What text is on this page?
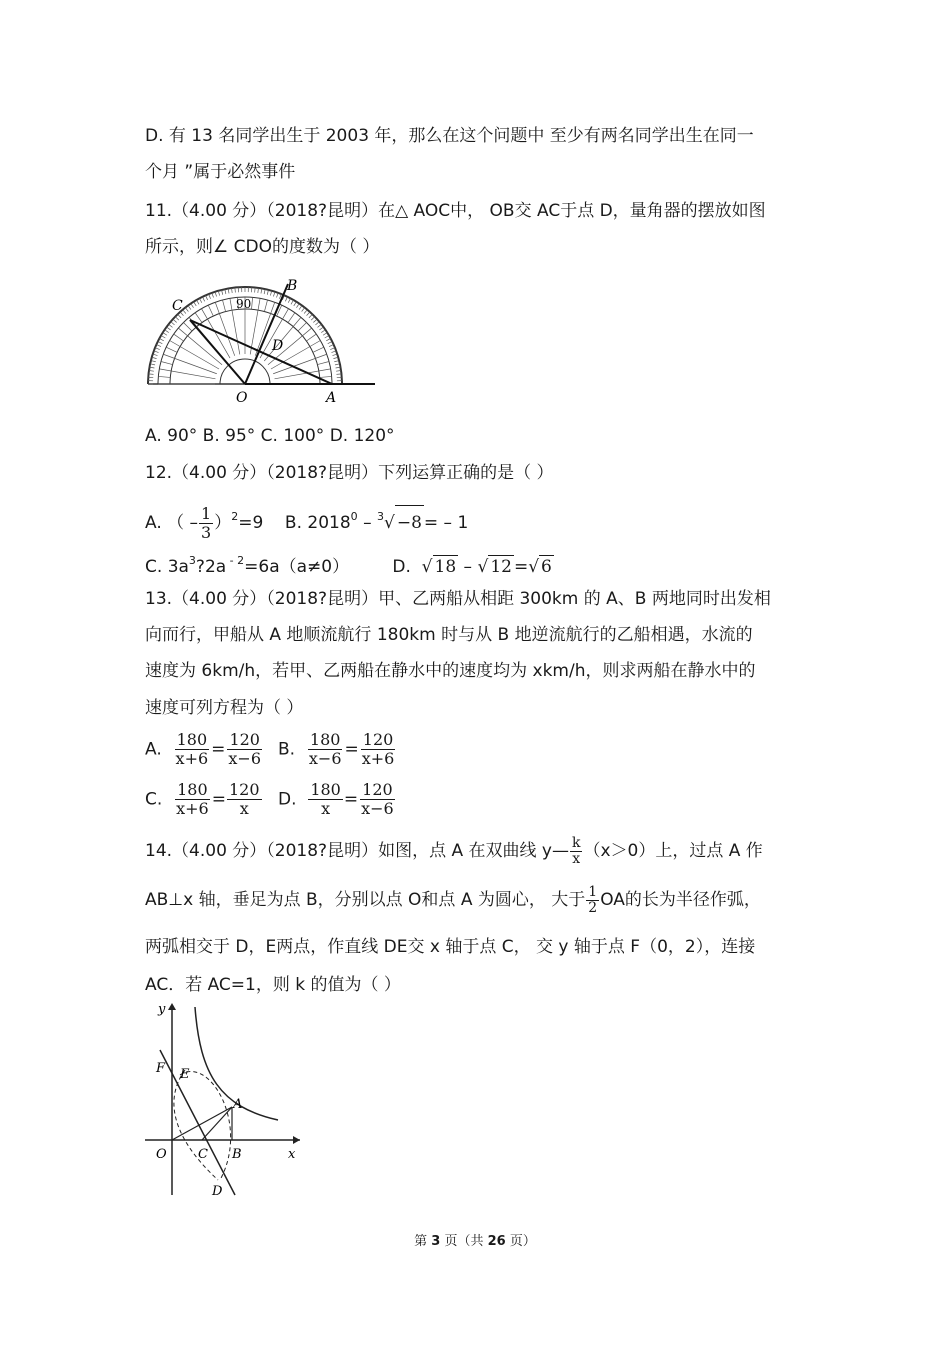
D. 有 13 名同学出生于 2003 年，那么在这个问题中 至少有两名同学出生在同一
个月 ”属于必然事件
11.（4.00 分）（2018?昆明）在△ AOC中， OB交 AC于点 D，量角器的摆放如图
所示，则∠ CDO的度数为（ ）
C
B
D
O	A
90
A. 90° B. 95° C. 100° D. 120°
12.（4.00 分）（2018?昆明）下列运算正确的是（ ）
A. （ – $\frac{1}{3} )^2=9$ B. 2018$^0$ – $^3$√ −8 = – 1
C. $3a^3?2a$ $^{- 2}$=6a（a≠0）	D. √ 18 – √ 12 =√ 6
13.（4.00 分）（2018?昆明）甲、乙两船从相距 300km 的 A、B 两地同时出发相
向而行，甲船从 A 地顺流航行 180km 时与从 B 地逆流航行的乙船相遇，水流的
速度为 6km/h，若甲、乙两船在静水中的速度均为 xkm/h，则求两船在静水中的
速度可列方程为（ ）
A. $\frac{180}{x+6} = \frac{120}{x-6} B$. $\frac{180}{x-6} = \frac{120}{x+6}$
C. $\frac{180}{x+6} = \frac{120}{x} D$. $\frac{180}{x} = \frac{120}{x-6}$
14.（4.00 分）（2018?昆明）如图，点 A 在双曲线 y— $\frac{k}{x} (x>0)$上，过点 A 作
AB⊥x 轴，垂足为点 B，分别以点 O和点 A 为圆心， 大于 $\frac{1}{2}$ OA的长为半径作弧，
两弧相交于 D，E两点，作直线 DE交 x 轴于点 C， 交 y 轴于点 F（0，2），连接
AC．若 AC=1，则 k 的值为（ ）
y
x
F E
A
O C B
D
第 3 页（共 26 页）
